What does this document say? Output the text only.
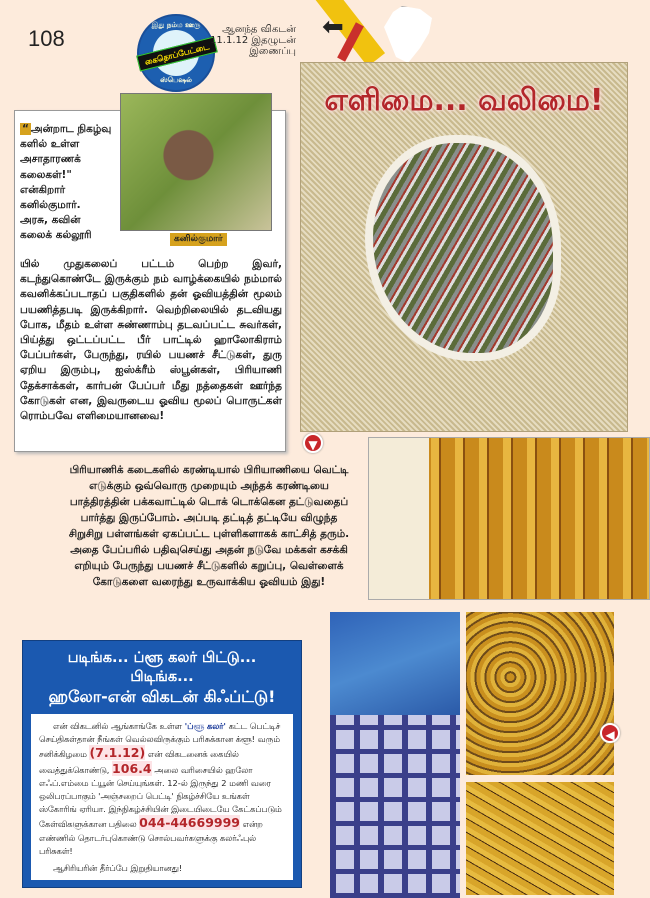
108
இது நம்ம ஊரு
கைதொப்பேட்டை
ஸ்பெஷல்
⬅
எளிமை... வலிமை!
ஆனந்த விகடன்
11.1.12 இதழுடன்
இணைப்பு
கனில்குமார்
“ அன்றாட நிகழ்வு
களில் உள்ள
அசாதாரணக்
கலைகள்!"
என்கிறார்
கனில்குமார்.
அரசு, கவின்
கலைக் கல்லூரி
யில் முதுகலைப் பட்டம் பெற்ற இவர், கடந்துகொண்டே இருக்கும் நம் வாழ்க்கையில் நம்மால் கவனிக்கப்படாதப் பகுதிகளில் தன் ஓவியத்தின் மூலம் பயணித்தபடி இருக்கிறார். வெற்றிலையில் தடவியது போக, மீதம் உள்ள சுண்ணாம்பு தடவப்பட்ட சுவர்கள், பிய்த்து ஒட்டப்பட்ட பீர் பாட்டில் ஹாலோகிராம் பேப்பர்கள், பேருந்து, ரயில் பயணச் சீட்டுகள், துரு ஏறிய இரும்பு, ஐஸ்க்ரீம் ஸ்பூன்கள், பிரியாணி தேக்சாக்கள், கார்பன் பேப்பர் மீது நத்தைகள் ஊர்ந்த கோடுகள் என, இவருடைய ஓவிய மூலப் பொருட்கள் ரொம்பவே எளிமையானவை!
▼
பிரியாணிக் கடைகளில் கரண்டியால் பிரியாணியை வெட்டி எடுக்கும் ஒவ்வொரு முறையும் அந்தக் கரண்டியை பாத்திரத்தின் பக்கவாட்டில் டொக் டொக்கென தட்டுவதைப் பார்த்து இருப்போம். அப்படி தட்டித் தட்டியே விழுந்த சிறுசிறு பள்ளங்கள் ஏகப்பட்ட புள்ளிகளாகக் காட்சித் தரும். அதை பேப்பரில் பதிவுசெய்து அதன் நடுவே மக்கள் கசக்கி எறியும் பேருந்து பயணச் சீட்டுகளில் கறுப்பு, வெள்ளைக் கோடுகளை வரைந்து உருவாக்கிய ஓவியம் இது!
படிங்க... ப்ளூ கலர் பிட்டு...
பிடிங்க...
ஹலோ-என் விகடன் கிஃப்ட்டு!

என் விகடனில் ஆங்காங்கே உள்ள 'ப்ளூ கலர்' கட்ட பெட்டிச் செய்திகள்தான் நீங்கள் வெல்லவிருக்கும் பரிசுக்கான க்ளூ! வரும் சனிக்கிழமை (7.1.12) என் விகடனைக் கையில் வைத்துக்கொண்டு, 106.4 அலை வரிசையில் ஹலோ எஃப்.எம்மை ட்யூன் செய்யுங்கள். 12-ல் இருந்து 2 மணி வரை ஒலிபரப்பாகும் 'அஞ்சறைப் பெட்டி' நிகழ்ச்சியே உங்கள் ஸ்கோரிங் ஏரியா. இந்நிகழ்ச்சியின் இடையிடையே கேட்கப்படும் கேள்விகளுக்கான பதிலை 044-44669999 என்ற எண்ணில் தொடர்புகொண்டு சொல்பவர்களுக்கு கலர்ஃபுல் பரிசுகள்!

ஆசிரியரின் தீர்ப்பே இறுதியானது!

◀
